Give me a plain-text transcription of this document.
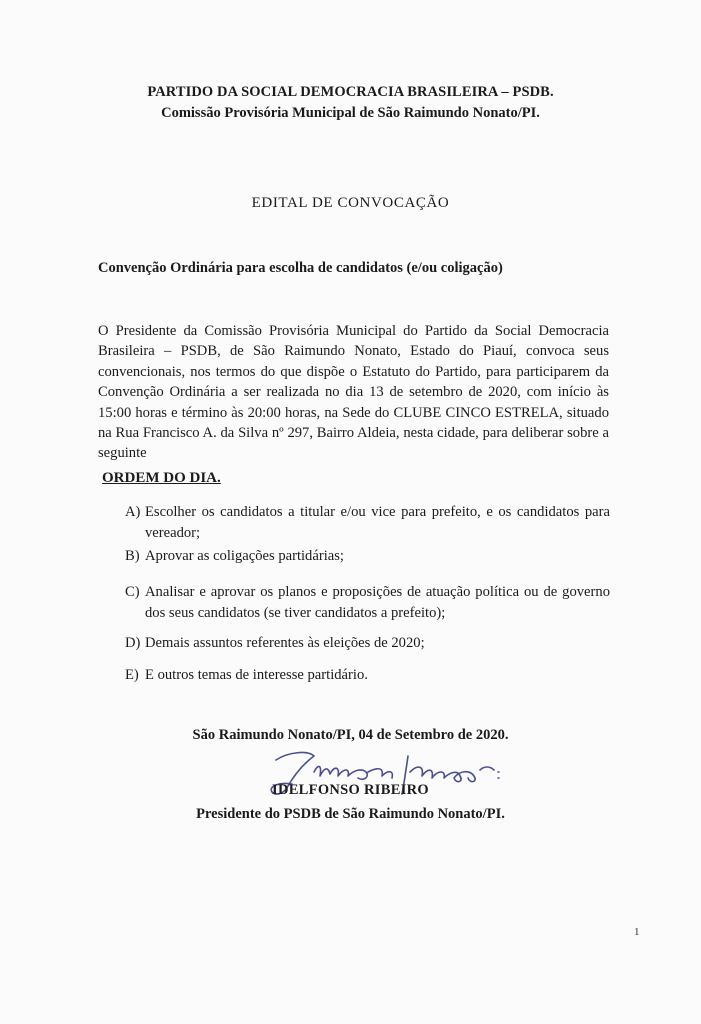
PARTIDO DA SOCIAL DEMOCRACIA BRASILEIRA – PSDB.
Comissão Provisória Municipal de São Raimundo Nonato/PI.
EDITAL DE CONVOCAÇÃO
Convenção Ordinária para escolha de candidatos (e/ou coligação)
O Presidente da Comissão Provisória Municipal do Partido da Social Democracia Brasileira – PSDB, de São Raimundo Nonato, Estado do Piauí, convoca seus convencionais, nos termos do que dispõe o Estatuto do Partido, para participarem da Convenção Ordinária a ser realizada no dia 13 de setembro de 2020, com início às 15:00 horas e término às 20:00 horas, na Sede do CLUBE CINCO ESTRELA, situado na Rua Francisco A. da Silva nº 297, Bairro Aldeia, nesta cidade, para deliberar sobre a seguinte
ORDEM DO DIA.
A) Escolher os candidatos a titular e/ou vice para prefeito, e os candidatos para vereador;
B) Aprovar as coligações partidárias;
C) Analisar e aprovar os planos e proposições de atuação política ou de governo dos seus candidatos (se tiver candidatos a prefeito);
D) Demais assuntos referentes às eleições de 2020;
E) E outros temas de interesse partidário.
São Raimundo Nonato/PI, 04 de Setembro de 2020.
IDELFONSO RIBEIRO
Presidente do PSDB de São Raimundo Nonato/PI.
1
